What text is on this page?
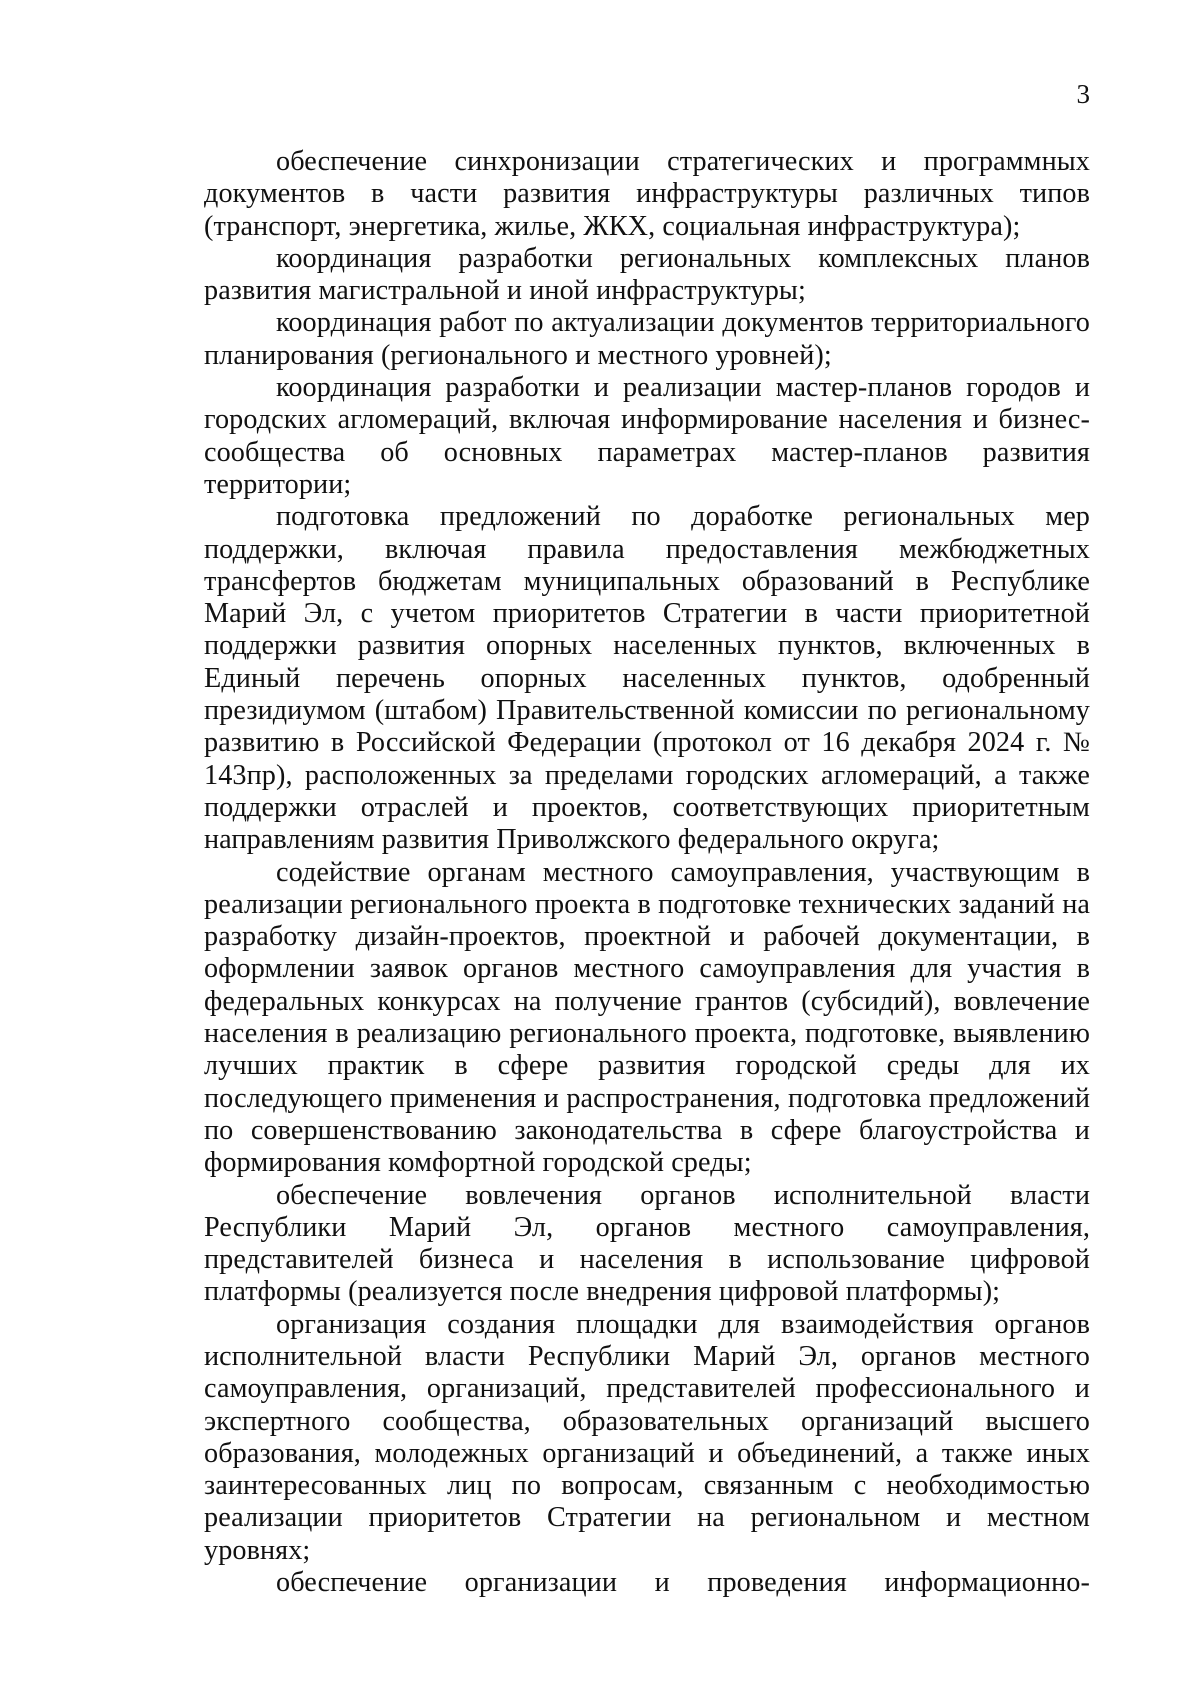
3

обеспечение синхронизации стратегических и программных документов в части развития инфраструктуры различных типов (транспорт, энергетика, жилье, ЖКХ, социальная инфраструктура);

координация разработки региональных комплексных планов развития магистральной и иной инфраструктуры;

координация работ по актуализации документов территориального планирования (регионального и местного уровней);

координация разработки и реализации мастер-планов городов и городских агломераций, включая информирование населения и бизнес-сообщества об основных параметрах мастер-планов развития территории;

подготовка предложений по доработке региональных мер поддержки, включая правила предоставления межбюджетных трансфертов бюджетам муниципальных образований в Республике Марий Эл, с учетом приоритетов Стратегии в части приоритетной поддержки развития опорных населенных пунктов, включенных в Единый перечень опорных населенных пунктов, одобренный президиумом (штабом) Правительственной комиссии по региональному развитию в Российской Федерации (протокол от 16 декабря 2024 г. № 143пр), расположенных за пределами городских агломераций, а также поддержки отраслей и проектов, соответствующих приоритетным направлениям развития Приволжского федерального округа;

содействие органам местного самоуправления, участвующим в реализации регионального проекта в подготовке технических заданий на разработку дизайн-проектов, проектной и рабочей документации, в оформлении заявок органов местного самоуправления для участия в федеральных конкурсах на получение грантов (субсидий), вовлечение населения в реализацию регионального проекта, подготовке, выявлению лучших практик в сфере развития городской среды для их последующего применения и распространения, подготовка предложений по совершенствованию законодательства в сфере благоустройства и формирования комфортной городской среды;

обеспечение вовлечения органов исполнительной власти Республики Марий Эл, органов местного самоуправления, представителей бизнеса и населения в использование цифровой платформы (реализуется после внедрения цифровой платформы);

организация создания площадки для взаимодействия органов исполнительной власти Республики Марий Эл, органов местного самоуправления, организаций, представителей профессионального и экспертного сообщества, образовательных организаций высшего образования, молодежных организаций и объединений, а также иных заинтересованных лиц по вопросам, связанным с необходимостью реализации приоритетов Стратегии на региональном и местном уровнях;

обеспечение организации и проведения информационно-
